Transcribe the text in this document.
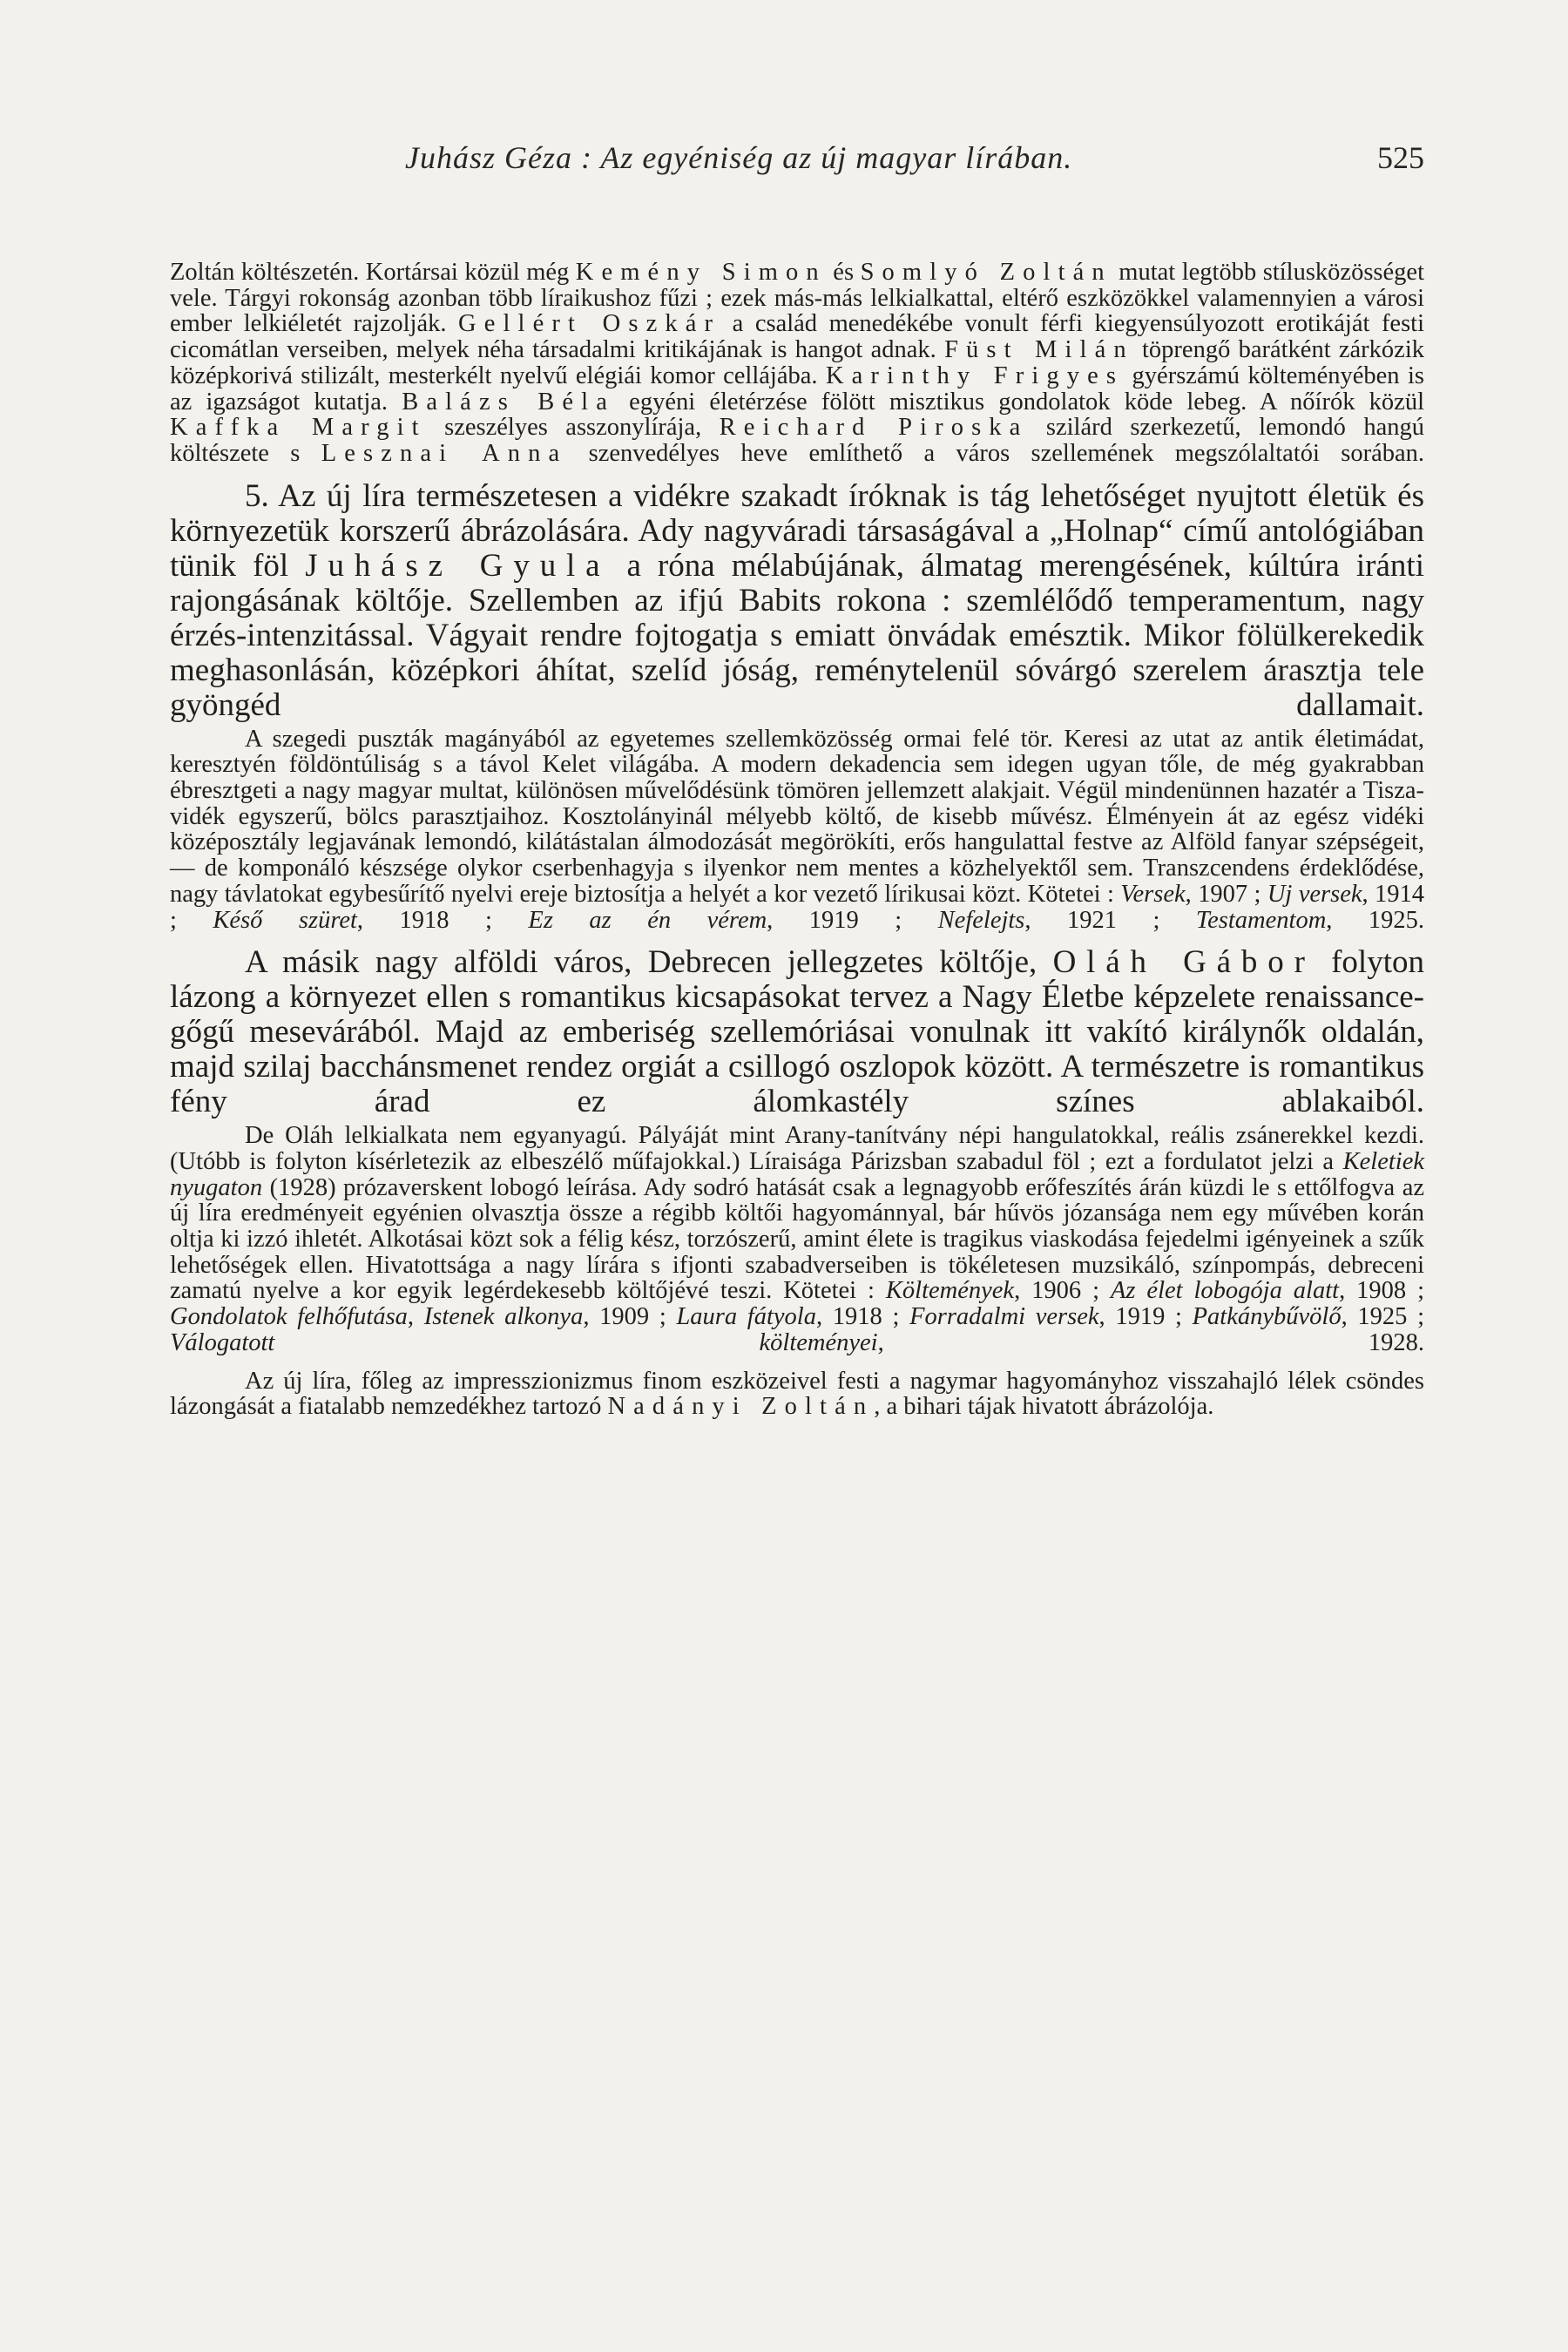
Juhász Géza : Az egyéniség az új magyar lírában.	525

Zoltán költészetén. Kortársai közül még Kemény Simon és Somlyó Zoltán mutat legtöbb stílusközösséget vele. Tárgyi rokonság azonban több líraikushoz fűzi ; ezek más-más lelkialkattal, eltérő eszközökkel valamennyien a városi ember lelkiéletét rajzolják. Gellért Oszkár a család menedékébe vonult férfi kiegyensúlyozott erotikáját festi cicomátlan verseiben, melyek néha társadalmi kritikájának is hangot adnak. Füst Milán töprengő barátként zárkózik középkorivá stilizált, mesterkélt nyelvű elégiái komor cellájába. Karinthy Frigyes gyérszámú költeményében is az igazságot kutatja. Balázs Béla egyéni életérzése fölött misztikus gondolatok köde lebeg. A nőírók közül Kaffka Margit szeszélyes asszonylírája, Reichard Piroska szilárd szerkezetű, lemondó hangú költészete s Lesznai Anna szenvedélyes heve említhető a város szellemének megszólaltatói sorában.

5. Az új líra természetesen a vidékre szakadt íróknak is tág lehetőséget nyujtott életük és környezetük korszerű ábrázolására. Ady nagyváradi társaságával a „Holnap“ című antológiában tünik föl Juhász Gyula a róna mélabújának, álmatag merengésének, kúltúra iránti rajongásának költője. Szellemben az ifjú Babits rokona : szemlélődő temperamentum, nagy érzés-intenzitással. Vágyait rendre fojtogatja s emiatt önvádak emésztik. Mikor fölülkerekedik meghasonlásán, középkori áhítat, szelíd jóság, reménytelenül sóvárgó szerelem árasztja tele gyöngéd dallamait.

A szegedi puszták magányából az egyetemes szellemközösség ormai felé tör. Keresi az utat az antik életimádat, keresztyén földöntúliság s a távol Kelet világába. A modern dekadencia sem idegen ugyan tőle, de még gyakrabban ébresztgeti a nagy magyar multat, különösen művelődésünk tömören jellemzett alakjait. Végül mindenünnen hazatér a Tisza-vidék egyszerű, bölcs parasztjaihoz. Kosztolányinál mélyebb költő, de kisebb művész. Élményein át az egész vidéki középosztály legjavának lemondó, kilátástalan álmodozását megörökíti, erős hangulattal festve az Alföld fanyar szépségeit, — de komponáló készsége olykor cserbenhagyja s ilyenkor nem mentes a közhelyektől sem. Transzcendens érdeklődése, nagy távlatokat egybesűrítő nyelvi ereje biztosítja a helyét a kor vezető lírikusai közt. Kötetei : Versek, 1907 ; Uj versek, 1914 ; Késő szüret, 1918 ; Ez az én vérem, 1919 ; Nefelejts, 1921 ; Testamentom, 1925.

A másik nagy alföldi város, Debrecen jellegzetes költője, Oláh Gábor folyton lázong a környezet ellen s romantikus kicsapásokat tervez a Nagy Életbe képzelete renaissance-gőgű mesevárából. Majd az emberiség szellemóriásai vonulnak itt vakító királynők oldalán, majd szilaj bacchánsmenet rendez orgiát a csillogó oszlopok között. A természetre is romantikus fény árad ez álomkastély színes ablakaiból.

De Oláh lelkialkata nem egyanyagú. Pályáját mint Arany-tanítvány népi hangulatokkal, reális zsánerekkel kezdi. (Utóbb is folyton kísérletezik az elbeszélő műfajokkal.) Líraisága Párizsban szabadul föl ; ezt a fordulatot jelzi a Keletiek nyugaton (1928) prózaverskent lobogó leírása. Ady sodró hatását csak a legnagyobb erőfeszítés árán küzdi le s ettőlfogva az új líra eredményeit egyénien olvasztja össze a régibb költői hagyománnyal, bár hűvös józansága nem egy művében korán oltja ki izzó ihletét. Alkotásai közt sok a félig kész, torzószerű, amint élete is tragikus viaskodása fejedelmi igényeinek a szűk lehetőségek ellen. Hivatottsága a nagy lírára s ifjonti szabadverseiben is tökéletesen muzsikáló, színpompás, debreceni zamatú nyelve a kor egyik legérdekesebb költőjévé teszi. Kötetei : Költemények, 1906 ; Az élet lobogója alatt, 1908 ; Gondolatok felhőfutása, Istenek alkonya, 1909 ; Laura fátyola, 1918 ; Forradalmi versek, 1919 ; Patkánybűvölő, 1925 ; Válogatott költeményei, 1928.

Az új líra, főleg az impresszionizmus finom eszközeivel festi a nagymar hagyományhoz visszahajló lélek csöndes lázongását a fiatalabb nemzedékhez tartozó Nadányi Zoltán, a bihari tájak hivatott ábrázolója.
